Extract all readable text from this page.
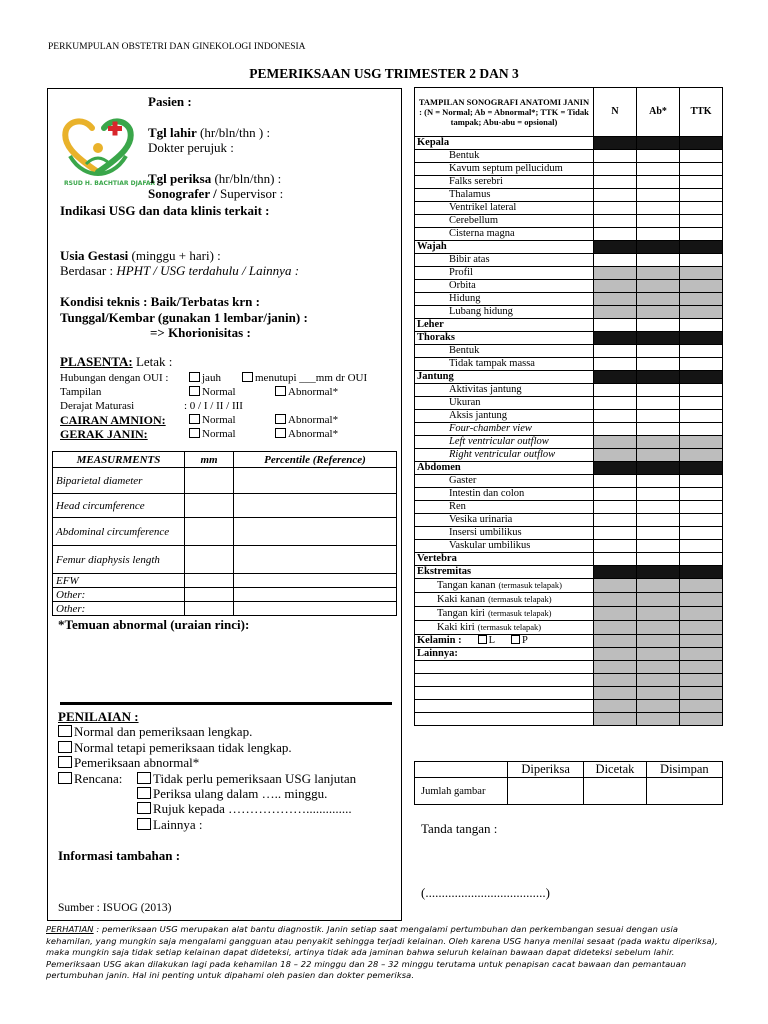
PERKUMPULAN OBSTETRI DAN GINEKOLOGI INDONESIA
PEMERIKSAAN USG TRIMESTER 2 DAN 3
RSUD H. BACHTIAR DJAFAR
Pasien :
Tgl lahir (hr/bln/thn ) :
Dokter perujuk :
Tgl periksa (hr/bln/thn) :
Sonografer / Supervisor :
Indikasi USG dan data klinis terkait :
Usia Gestasi (minggu + hari) :
Berdasar : HPHT / USG terdahulu / Lainnya :
Kondisi teknis : Baik/Terbatas krn :
Tunggal/Kembar (gunakan 1 lembar/janin) :
=> Khorionisitas :
PLASENTA: Letak :
Hubungan dengan OUI :	jauh	menutupi ___mm dr OUI
Tampilan	Normal	Abnormal*
Derajat Maturasi	: 0 / I / II / III
CAIRAN AMNION:	Normal	Abnormal*
GERAK JANIN:	Normal	Abnormal*
MEASURMENTS	mm	Percentile (Reference)
Biparietal diameter		
Head circumference		
Abdominal circumference		
Femur diaphysis length		
EFW		
Other:		
Other:		
*Temuan abnormal (uraian rinci):
PENILAIAN :
Normal dan pemeriksaan lengkap.
Normal tetapi pemeriksaan tidak lengkap.
Pemeriksaan abnormal*
Rencana:	Tidak perlu pemeriksaan USG lanjutan
Periksa ulang dalam ….. minggu.
Rujuk kepada ………………..............
Lainnya :
Informasi tambahan :
Sumber : ISUOG (2013)
TAMPILAN SONOGRAFI ANATOMI JANIN : (N = Normal; Ab = Abnormal*; TTK = Tidak tampak; Abu-abu = opsional)	N	Ab*	TTK
Kepala			
Bentuk			
Kavum septum pellucidum			
Falks serebri			
Thalamus			
Ventrikel lateral			
Cerebellum			
Cisterna magna			
Wajah			
Bibir atas			
Profil			
Orbita			
Hidung			
Lubang hidung			
Leher			
Thoraks			
Bentuk			
Tidak tampak massa			
Jantung			
Aktivitas jantung			
Ukuran			
Aksis jantung			
Four-chamber view			
Left ventricular outflow			
Right ventricular outflow			
Abdomen			
Gaster			
Intestin dan colon			
Ren			
Vesika urinaria			
Insersi umbilikus			
Vaskular umbilikus			
Vertebra			
Ekstremitas			
Tangan kanan (termasuk telapak)			
Kaki kanan (termasuk telapak)			
Tangan kiri (termasuk telapak)			
Kaki kiri (termasuk telapak)			
Kelamin : L P			
Lainnya:			

	Diperiksa	Dicetak	Disimpan
Jumlah gambar			
Tanda tangan :
(.....................................)
PERHATIAN : pemeriksaan USG merupakan alat bantu diagnostik. Janin setiap saat mengalami pertumbuhan dan perkembangan sesuai dengan usia kehamilan, yang mungkin saja mengalami gangguan atau penyakit sehingga terjadi kelainan. Oleh karena USG hanya menilai sesaat (pada waktu diperiksa), maka mungkin saja tidak setiap kelainan dapat dideteksi, artinya tidak ada jaminan bahwa seluruh kelainan bawaan dapat dideteksi sebelum lahir. Pemeriksaan USG akan dilakukan lagi pada kehamilan 18 – 22 minggu dan 28 – 32 minggu terutama untuk penapisan cacat bawaan dan pemantauan pertumbuhan janin. Hal ini penting untuk dipahami oleh pasien dan dokter pemeriksa.
